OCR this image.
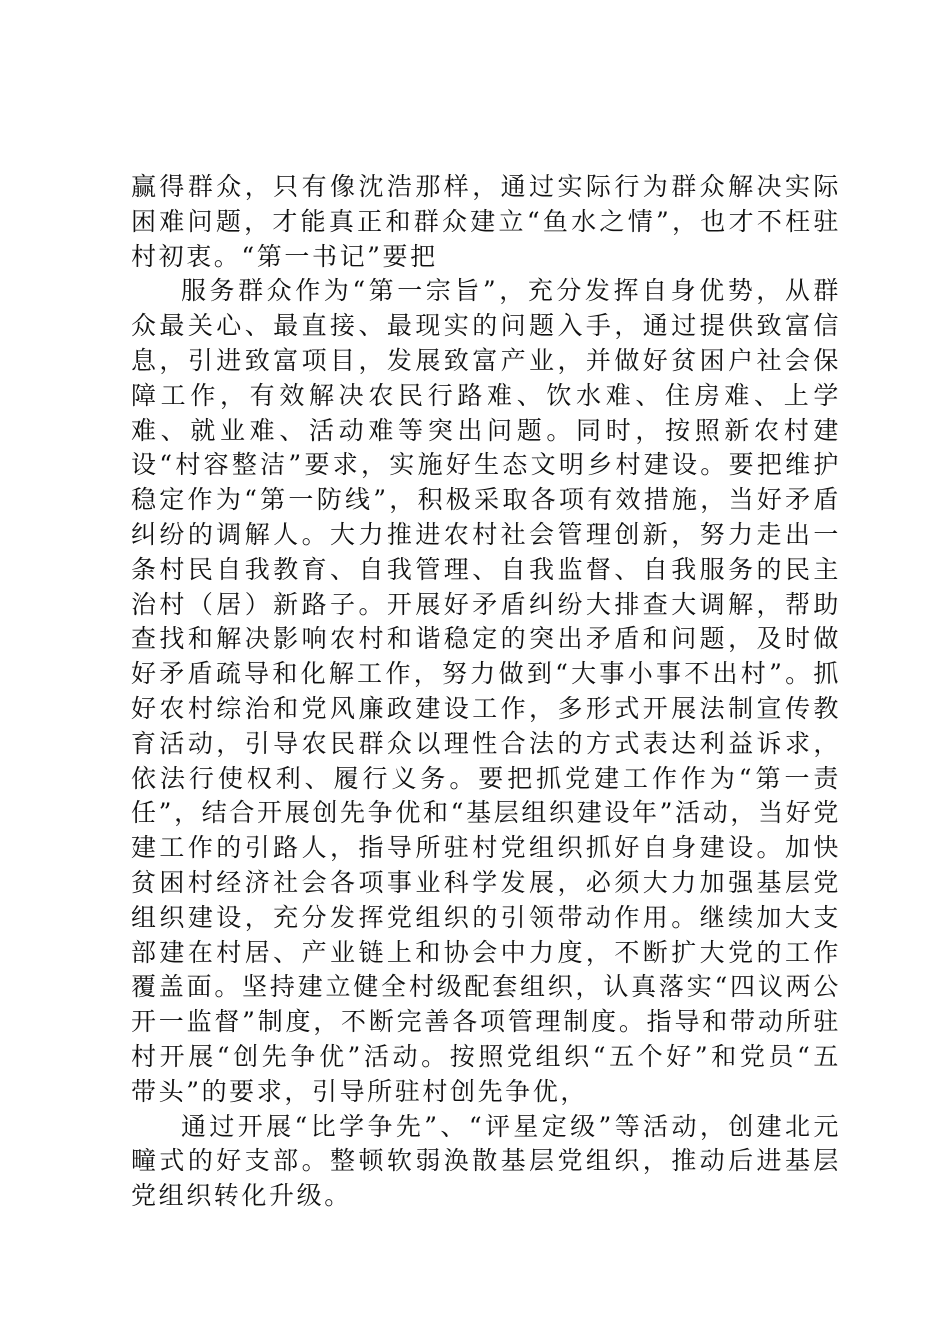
赢得群众，只有像沈浩那样，通过实际行为群众解决实际困难问题，才能真正和群众建立“鱼水之情”，也才不枉驻村初衷。“第一书记”要把

服务群众作为“第一宗旨”，充分发挥自身优势，从群众最关心、最直接、最现实的问题入手，通过提供致富信息，引进致富项目，发展致富产业，并做好贫困户社会保障工作，有效解决农民行路难、饮水难、住房难、上学难、就业难、活动难等突出问题。同时，按照新农村建设“村容整洁”要求，实施好生态文明乡村建设。要把维护稳定作为“第一防线”，积极采取各项有效措施，当好矛盾纠纷的调解人。大力推进农村社会管理创新，努力走出一条村民自我教育、自我管理、自我监督、自我服务的民主治村（居）新路子。开展好矛盾纠纷大排查大调解，帮助查找和解决影响农村和谐稳定的突出矛盾和问题，及时做好矛盾疏导和化解工作，努力做到“大事小事不出村”。抓好农村综治和党风廉政建设工作，多形式开展法制宣传教育活动，引导农民群众以理性合法的方式表达利益诉求，依法行使权利、履行义务。要把抓党建工作作为“第一责任”，结合开展创先争优和“基层组织建设年”活动，当好党建工作的引路人，指导所驻村党组织抓好自身建设。加快贫困村经济社会各项事业科学发展，必须大力加强基层党组织建设，充分发挥党组织的引领带动作用。继续加大支部建在村居、产业链上和协会中力度，不断扩大党的工作覆盖面。坚持建立健全村级配套组织，认真落实“四议两公开一监督”制度，不断完善各项管理制度。指导和带动所驻村开展“创先争优”活动。按照党组织“五个好”和党员“五带头”的要求，引导所驻村创先争优，

通过开展“比学争先”、“评星定级”等活动，创建北元疃式的好支部。整顿软弱涣散基层党组织，推动后进基层党组织转化升级。
